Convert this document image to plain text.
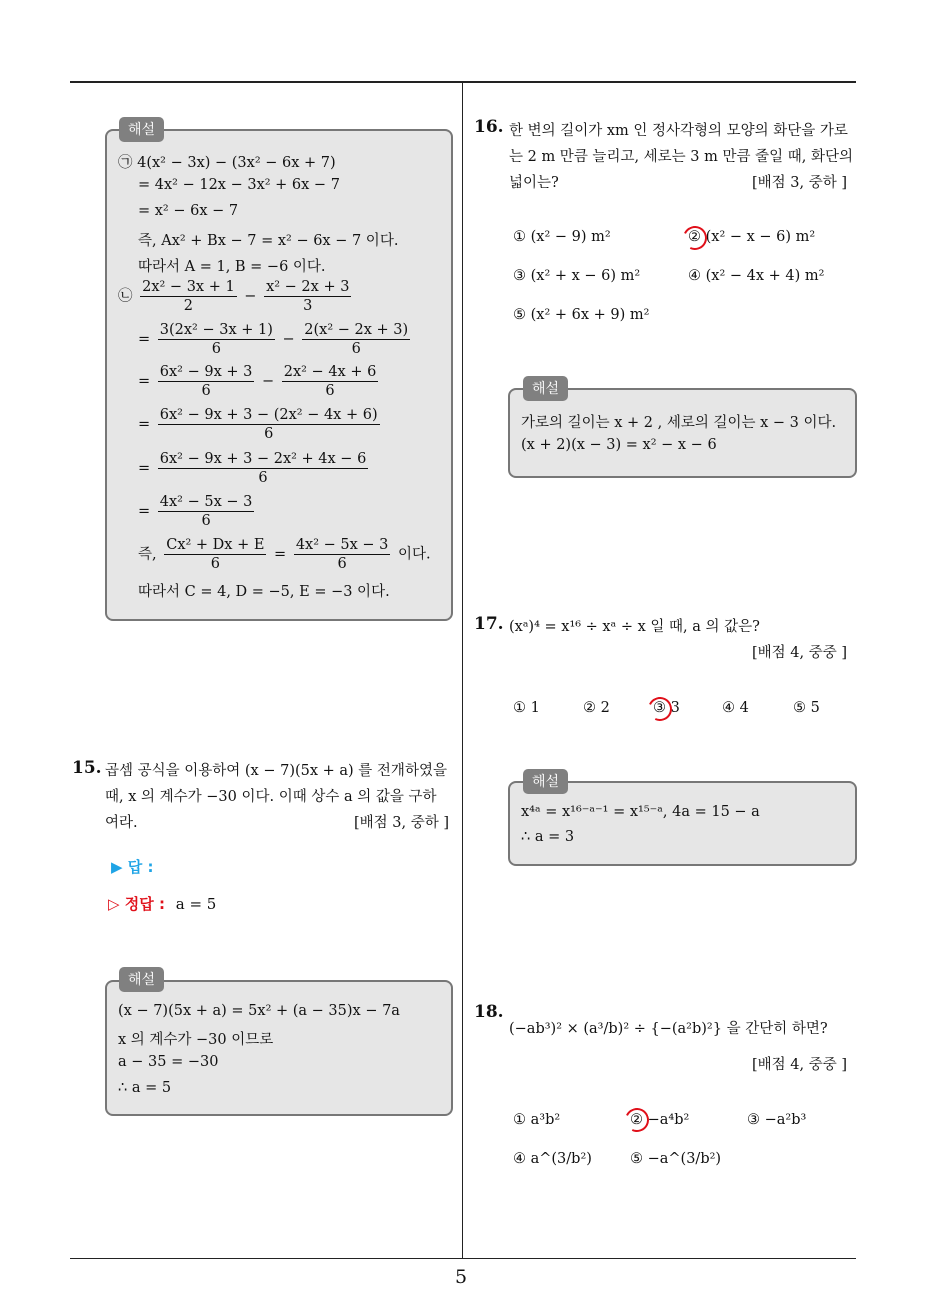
5
해설
㉠ 4(x² − 3x) − (3x² − 6x + 7)
= 4x² − 12x − 3x² + 6x − 7
= x² − 6x − 7
즉, Ax² + Bx − 7 = x² − 6x − 7 이다.
따라서 A = 1, B = −6 이다.
㉡ $\frac{\text{2x² − 3x + 1}}{2} - \frac{\text{x² − 2x + 3}}{3}$
= $\frac{\text{3(2x² − 3x + 1)}}{6} - \frac{\text{2(x² − 2x + 3)}}{6}$
= $\frac{\text{6x² − 9x + 3}}{6} - \frac{\text{2x² − 4x + 6}}{6}$
= $\frac{\text{6x² − 9x + 3 − (2x² − 4x + 6)}}{6}$
= $\frac{\text{6x² − 9x + 3 − 2x² + 4x − 6}}{6}$
= $\frac{\text{4x² − 5x − 3}}{6}$
즉, $\frac{\text{Cx² + Dx + E}}{6} = \frac{\text{4x² − 5x − 3}}{6}$ 이다.
따라서 C = 4, D = −5, E = −3 이다.
15. 곱셈 공식을 이용하여 (x − 7)(5x + a) 를 전개하였을
때, x 의 계수가 −30 이다. 이때 상수 a 의 값을 구하
여라.	[배점 3, 중하 ]
▶ 답 :
▷ 정답 : a = 5
해설
(x − 7)(5x + a) = 5x² + (a − 35)x − 7a
x 의 계수가 −30 이므로
a − 35 = −30
∴ a = 5
16. 한 변의 길이가 xm 인 정사각형의 모양의 화단을 가로
는 2 m 만큼 늘리고, 세로는 3 m 만큼 줄일 때, 화단의
넓이는?	[배점 3, 중하 ]
① (x² − 9) m²	② (x² − x − 6) m²
③ (x² + x − 6) m²	④ (x² − 4x + 4) m²
⑤ (x² + 6x + 9) m²
해설
가로의 길이는 x + 2 , 세로의 길이는 x − 3 이다.
(x + 2)(x − 3) = x² − x − 6
17. (xᵃ)⁴ = x¹⁶ ÷ xᵃ ÷ x 일 때, a 의 값은?
[배점 4, 중중 ]
① 1	② 2	③ 3	④ 4	⑤ 5
해설
x⁴ᵃ = x¹⁶⁻ᵃ⁻¹ = x¹⁵⁻ᵃ, 4a = 15 − a
∴ a = 3
18.
(−ab³)² × (a³/b)² ÷ {−(a²b)²} 을 간단히 하면?
[배점 4, 중중 ]
① a³b²	② −a⁴b²	③ −a²b³
④ a^(3/b²)	⑤ −a^(3/b²)
